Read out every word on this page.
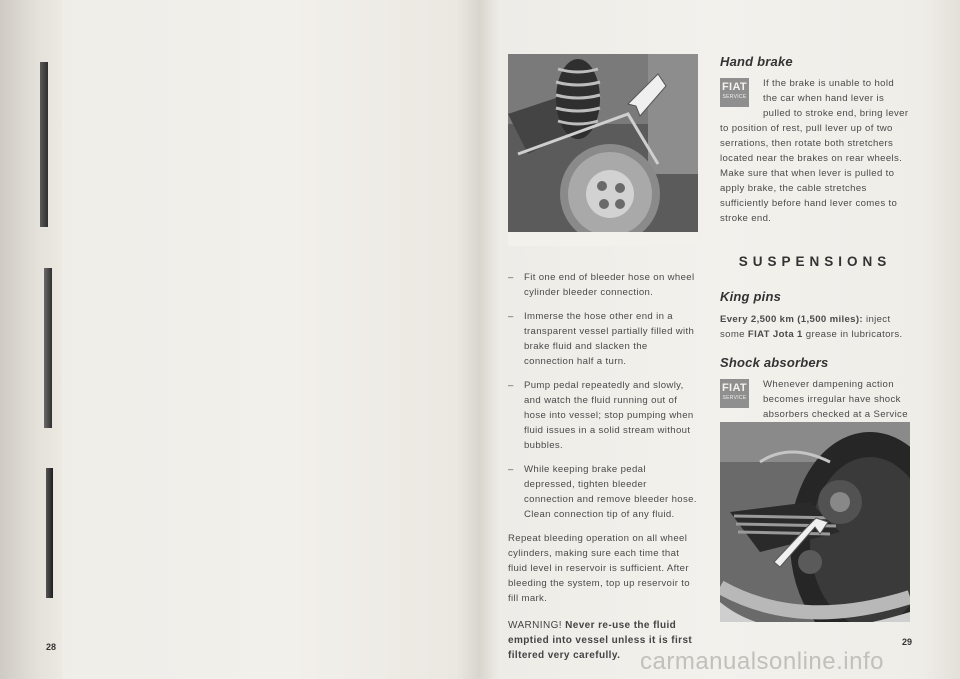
28
– Fit one end of bleeder hose on wheel cylinder bleeder connection.

– Immerse the hose other end in a transparent vessel partially filled with brake fluid and slacken the connection half a turn.

– Pump pedal repeatedly and slowly, and watch the fluid running out of hose into vessel; stop pumping when fluid issues in a solid stream without bubbles.

– While keeping brake pedal depressed, tighten bleeder connection and remove bleeder hose. Clean connection tip of any fluid.

Repeat bleeding operation on all wheel cylinders, making sure each time that fluid level in reservoir is sufficient. After bleeding the system, top up reservoir to fill mark.

WARNING! Never re-use the fluid emptied into vessel unless it is first filtered very carefully.

Hand brake
FIAT
SERVICE

If the brake is unable to hold the car when hand lever is pulled to stroke end, bring lever to position of rest, pull lever up of two serrations, then rotate both stretchers located near the brakes on rear wheels. Make sure that when lever is pulled to apply brake, the cable stretches sufficiently before hand lever comes to stroke end.

SUSPENSIONS
King pins

Every 2,500 km (1,500 miles): inject some FIAT Jota 1 grease in lubricators.

Shock absorbers
FIAT
SERVICE

Whenever dampening action becomes irregular have shock absorbers checked at a Service

29
carmanualsonline.info
